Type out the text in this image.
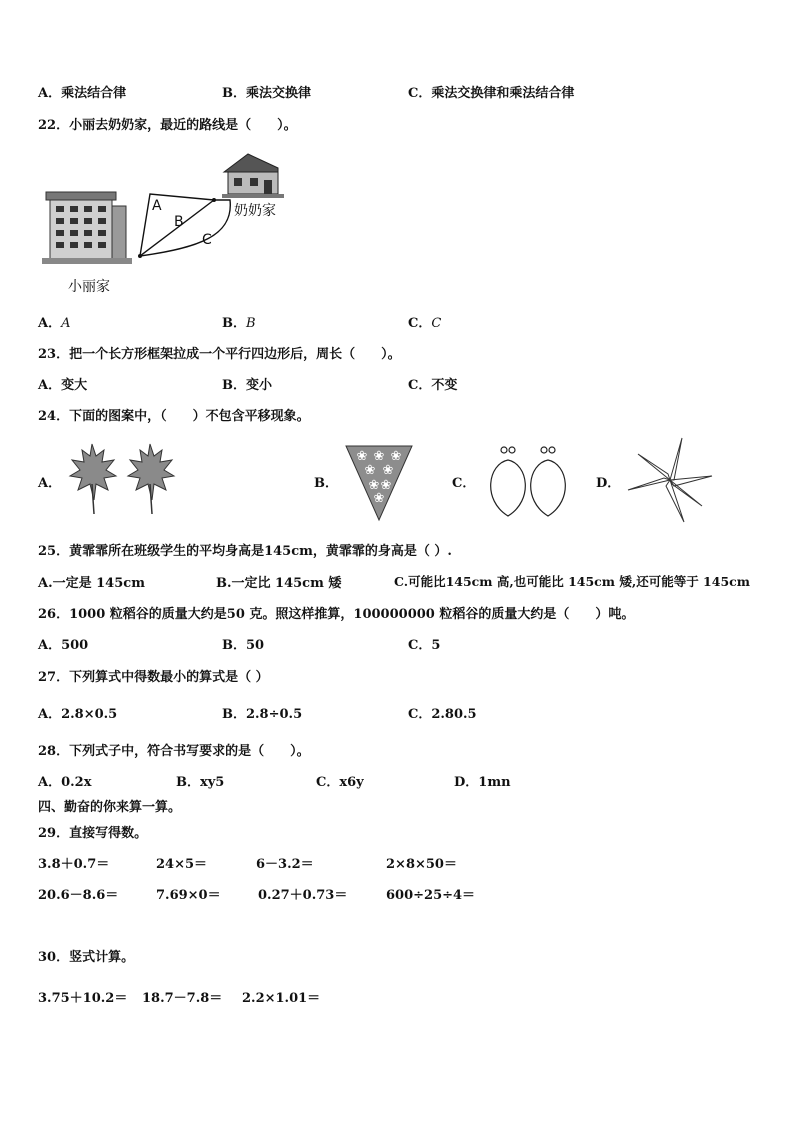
A．乘法结合律	B．乘法交换律	C．乘法交换律和乘法结合律
22．小丽去奶奶家，最近的路线是（　　）。
A
B
C
奶奶家
小丽家
A．A	B．B	C．C
23．把一个长方形框架拉成一个平行四边形后，周长（　　）。
A．变大	B．变小	C．不变
24．下面的图案中，（　　）不包含平移现象。
A．	B．	C．	D．
❀ ❀ ❀
❀ ❀
❀ ❀
❀
25．黄霏霏所在班级学生的平均身高是145cm，黄霏霏的身高是（ ）.
A.一定是 145cm	B.一定比 145cm 矮	C.可能比145cm 高,也可能比 145cm 矮,还可能等于 145cm
26．1000 粒稻谷的质量大约是50 克。照这样推算，100000000 粒稻谷的质量大约是（　　）吨。
A．500	B．50	C．5
27．下列算式中得数最小的算式是（ ）
A．2.8×0.5	B．2.8÷0.5	C．2.80.5
28．下列式子中，符合书写要求的是（　　）。
A．0.2x	B．xy5	C．x6y	D．1mn
四、勤奋的你来算一算。
29．直接写得数。
3.8＋0.7＝	24×5＝	6－3.2＝	2×8×50＝
20.6－8.6＝	7.69×0＝	0.27＋0.73＝	600÷25÷4＝
30．竖式计算。
3.75＋10.2＝ 18.7－7.8＝ 2.2×1.01＝
